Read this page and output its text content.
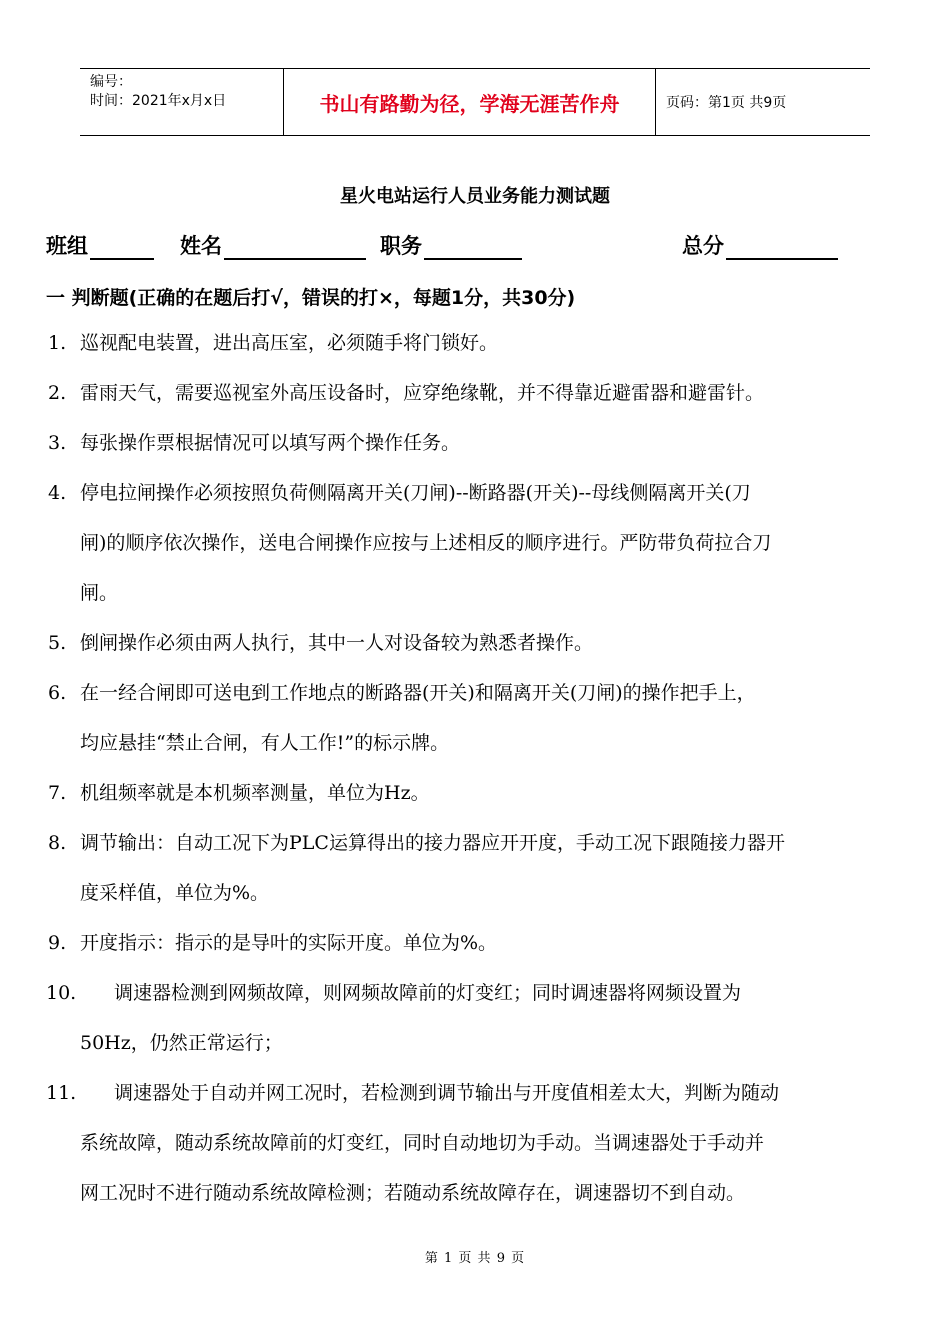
编号：
时间：2021年x月x日	书山有路勤为径，学海无涯苦作舟	页码：第1页 共9页
星火电站运行人员业务能力测试题
班组	姓名	职务	总分
一 判断题(正确的在题后打√，错误的打×，每题1分，共30分)
1. 巡视配电装置，进出高压室，必须随手将门锁好。
2. 雷雨天气，需要巡视室外高压设备时，应穿绝缘靴，并不得靠近避雷器和避雷针。
3. 每张操作票根据情况可以填写两个操作任务。
4. 停电拉闸操作必须按照负荷侧隔离开关(刀闸)--断路器(开关)--母线侧隔离开关(刀
闸)的顺序依次操作，送电合闸操作应按与上述相反的顺序进行。严防带负荷拉合刀
闸。
5. 倒闸操作必须由两人执行，其中一人对设备较为熟悉者操作。
6. 在一经合闸即可送电到工作地点的断路器(开关)和隔离开关(刀闸)的操作把手上，
均应悬挂“禁止合闸，有人工作!”的标示牌。
7. 机组频率就是本机频率测量，单位为Hz。
8. 调节输出：自动工况下为PLC运算得出的接力器应开开度，手动工况下跟随接力器开
度采样值，单位为%。
9. 开度指示：指示的是导叶的实际开度。单位为%。
10. 调速器检测到网频故障，则网频故障前的灯变红；同时调速器将网频设置为
50Hz，仍然正常运行；
11. 调速器处于自动并网工况时，若检测到调节输出与开度值相差太大，判断为随动
系统故障，随动系统故障前的灯变红，同时自动地切为手动。当调速器处于手动并
网工况时不进行随动系统故障检测；若随动系统故障存在，调速器切不到自动。
第 1 页 共 9 页
